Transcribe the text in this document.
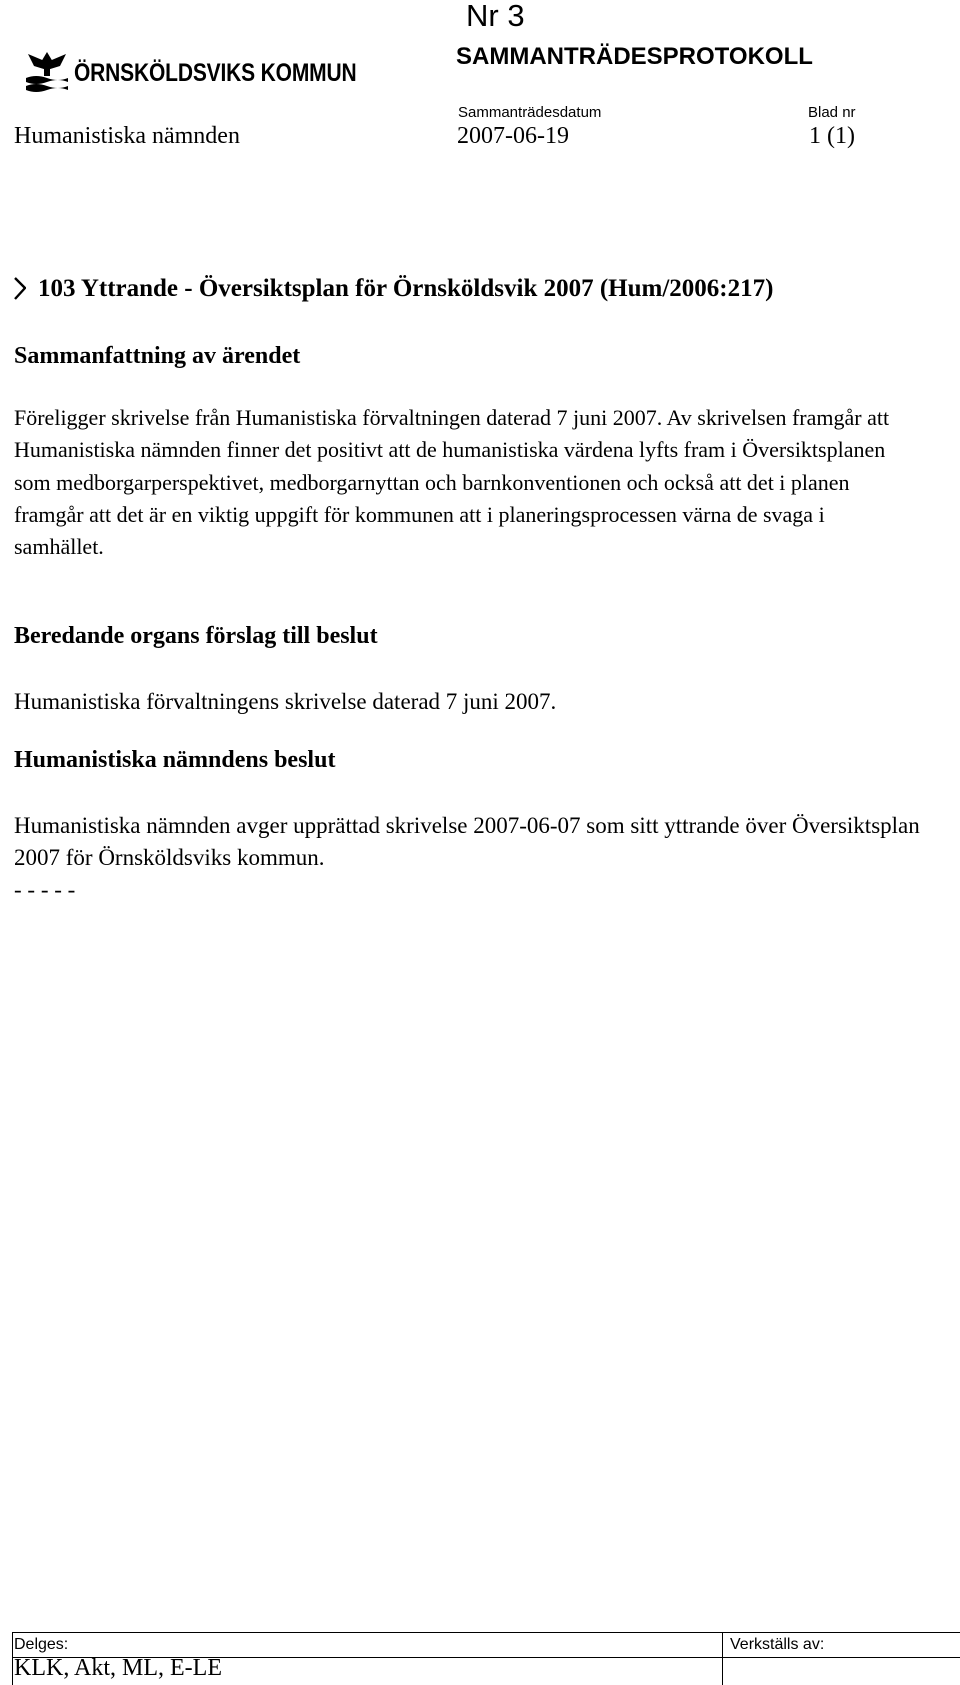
ÖRNSKÖLDSVIKS KOMMUN
Nr 3
SAMMANTRÄDESPROTOKOLL
Sammanträdesdatum	Blad nr
Humanistiska nämnden	2007-06-19	1 (1)
103 Yttrande - Översiktsplan för Örnsköldsvik 2007 (Hum/2006:217)
Sammanfattning av ärendet
Föreligger skrivelse från Humanistiska förvaltningen daterad 7 juni 2007. Av skrivelsen framgår att Humanistiska nämnden finner det positivt att de humanistiska värdena lyfts fram i Översiktsplanen som medborgarperspektivet, medborgarnyttan och barnkonventionen och också att det i planen framgår att det är en viktig uppgift för kommunen att i planeringsprocessen värna de svaga i samhället.
Beredande organs förslag till beslut
Humanistiska förvaltningens skrivelse daterad 7 juni 2007.
Humanistiska nämndens beslut
Humanistiska nämnden avger upprättad skrivelse 2007-06-07 som sitt yttrande över Översiktsplan 2007 för Örnsköldsviks kommun.
- - - - -
Delges:	Verkställs av:
KLK, Akt, ML, E-LE
